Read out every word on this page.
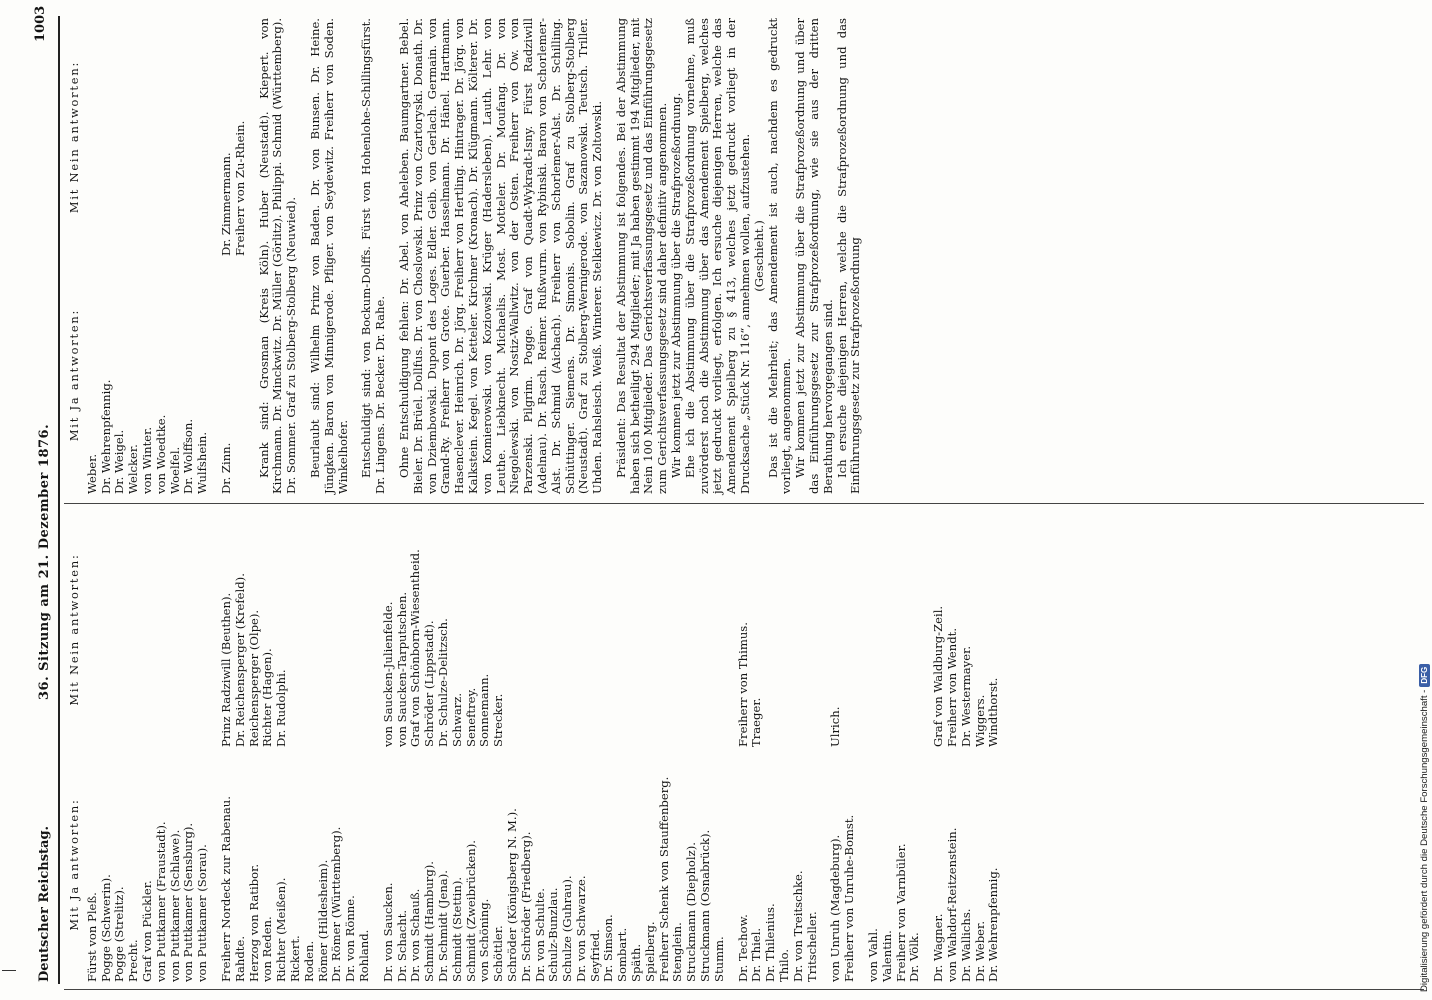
Deutscher Reichstag.
36. Sitzung am 21. Dezember 1876.
1003
Mit Ja antworten:
Mit Nein antworten:
Fürst von Pleß. Pogge (Schwerin). Pogge (Strelitz). Precht. Graf von Pückler. von Puttkamer (Fraustadt). von Puttkamer (Schlawe). von Puttkamer (Sensburg). von Puttkamer (Sorau). Freiherr Nordeck zur Rabenau. Rahdte. Herzog von Ratibor. von Reden. Richter (Meißen). Rickert. Roden. Römer (Hildesheim). Dr. Römer (Württemberg). Dr. von Rönne. Rohland.
Prinz Radziwill (Beuthen). Dr. Reichensperger (Krefeld). Reichensperger (Olpe). Richter (Hagen). Dr. Rudolphi.
Dr. von Saucken. Dr. Schacht. Dr. von Schauß. Schmidt (Hamburg). Dr. Schmidt (Jena). Schmidt (Stettin). Schmidt (Zweibrücken). von Schöning. Schöttler. Schröder (Königsberg N. M.). Dr. Schröder (Friedberg). Dr. von Schulte. Schulz-Bunzlau. Schulze (Guhrau). Dr. von Schwarze. Seyfried. Dr. Simson. Sombart. Späth. Spielberg. Freiherr Schenk von Stauffenberg. Stenglein. Struckmann (Diepholz). Struckmann (Osnabrück). Stumm.
von Saucken-Julienfelde. von Saucken-Tarputschen. Graf von Schönborn-Wiesentheid. Schröder (Lippstadt). Dr. Schulze-Delitzsch. Schwarz. Seneftrey. Sonnemann. Strecker.
Dr. Techow. Dr. Thiel. Dr. Thilenius. Thilo. Dr. von Treitschke. Tritscheller.
Freiherr von Thimus. Traeger.
von Unruh (Magdeburg). Freiherr von Unruhe-Bomst.
Ulrich.
von Vahl. Valentin. Freiherr von Varnbüler. Dr. Völk. Dr. Wagner. von Wahdorf-Reitzenstein. Dr. Wallichs. Dr. Weber. Dr. Wehrenpfennig.
Graf von Waldburg-Zeil. Freiherr von Wendt. Dr. Westermayer. Wiggers. Windthorst.
Mit Ja antworten:
Mit Nein antworten:
Weber. Dr. Wehrenpfennig. Dr. Weigel. Welcker. von Winter. von Woedtke. Woelfel. Dr. Wolffson. Wulfshein. Dr. Zinn.
Dr. Zimmermann. Freiherr von Zu-Rhein. Krank sind: Grosman (Kreis Köln). Huber (Neustadt). Kiepert. von Kirchmann. Dr. Minckwitz. Dr. Müller (Görlitz). Philippi. Schmid (Württemberg). Dr. Sommer. Graf zu Stolberg-Stolberg (Neuwied). Beurlaubt sind: Wilhelm Prinz von Baden. Dr. von Bunsen. Dr. Heine. Jüngken. Baron von Minnigerode. Pfliger. von Seydewitz. Freiherr von Soden. Winkelhofer. Entschuldigt sind: von Bockum-Dolffs. Fürst von Hohenlohe-Schillingsfürst. Dr. Lingens. Dr. Becker. Dr. Rahe. Ohne Entschuldigung fehlen: Dr. Abel. von Aheleben. Baumgartner. Bebel. Bieler. Dr. Brüel. Dollfus. Dr. von Choslowski. Prinz von Czartoryski. Donath. Dr. von Dziembowski. Dupont des Loges. Edler. Geib. von Gerlach. Germain. von Grand-Ry. Freiherr von Grote. Guerber. Hasselmann. Dr. Hänel. Hartmann. Hasenclever. Heinrich. Dr. Jörg. Freiherr von Hertling. Hintrager. Dr. Jörg. von Kalkstein. Kegel. von Ketteler. Kirchner (Kronach). Dr. Klügmann. Költerer. Dr. von Komierowski. von Koziowski. Krüger (Hadersleben). Lauth. Lehr. von Leuthe. Liebknecht. Michaelis. Most. Motteler. Dr. Moufang. Dr. von Niegolewski. von Nostiz-Wallwitz. von der Osten. Freiherr von Ow. von Parzenski. Pilgrim. Pogge. Graf von Quadt-Wykradt-Isny. Fürst Radziwill (Adelnau). Dr. Rasch. Reimer. Rußwurm. von Rybinski. Baron von Schorlemer-Alst. Dr. Schmid (Aichach). Freiherr von Schorlemer-Alst. Dr. Schilling. Schüttinger. Siemens. Dr. Simonis. Sobolin. Graf zu Stolberg-Stolberg (Neustadt). Graf zu Stolberg-Wernigerode. von Sazanowski. Teutsch. Triller. Uhden. Rahsleisch. Weiß. Winterer. Stelkiewicz. Dr. von Zoltowski. Präsident: Das Resultat der Abstimmung ist folgendes. Bei der Abstimmung haben sich betheiligt 294 Mitglieder; mit Ja haben gestimmt 194 Mitglieder, mit Nein 100 Mitglieder. Das Gerichtsverfassungsgesetz und das Einführungsgesetz zum Gerichtsverfassungsgesetz sind daher definitiv angenommen. Wir kommen jetzt zur Abstimmung über die Strafprozeßordnung. Ehe ich die Abstimmung über die Strafprozeßordnung vornehme, muß zuvörderst noch die Abstimmung über das Amendement Spielberg, welches jetzt gedruckt vorliegt, erfolgen. Ich ersuche diejenigen Herren, welche das Amendement Spielberg zu § 413, welches jetzt gedruckt vorliegt in der Drucksache „Stück Nr. 116“, annehmen wollen, aufzustehen. (Geschieht.) Das ist die Mehrheit; das Amendement ist auch, nachdem es gedruckt vorliegt, angenommen. Wir kommen jetzt zur Abstimmung über die Strafprozeßordnung und über das Einführungsgesetz zur Strafprozeßordnung, wie sie aus der dritten Berathung hervorgegangen sind. Ich ersuche diejenigen Herren, welche die Strafprozeßordnung und das Einführungsgesetz zur Strafprozeßordnung

Digitalisierung gefördert durch die Deutsche Forschungsgemeinschaft -DFG
